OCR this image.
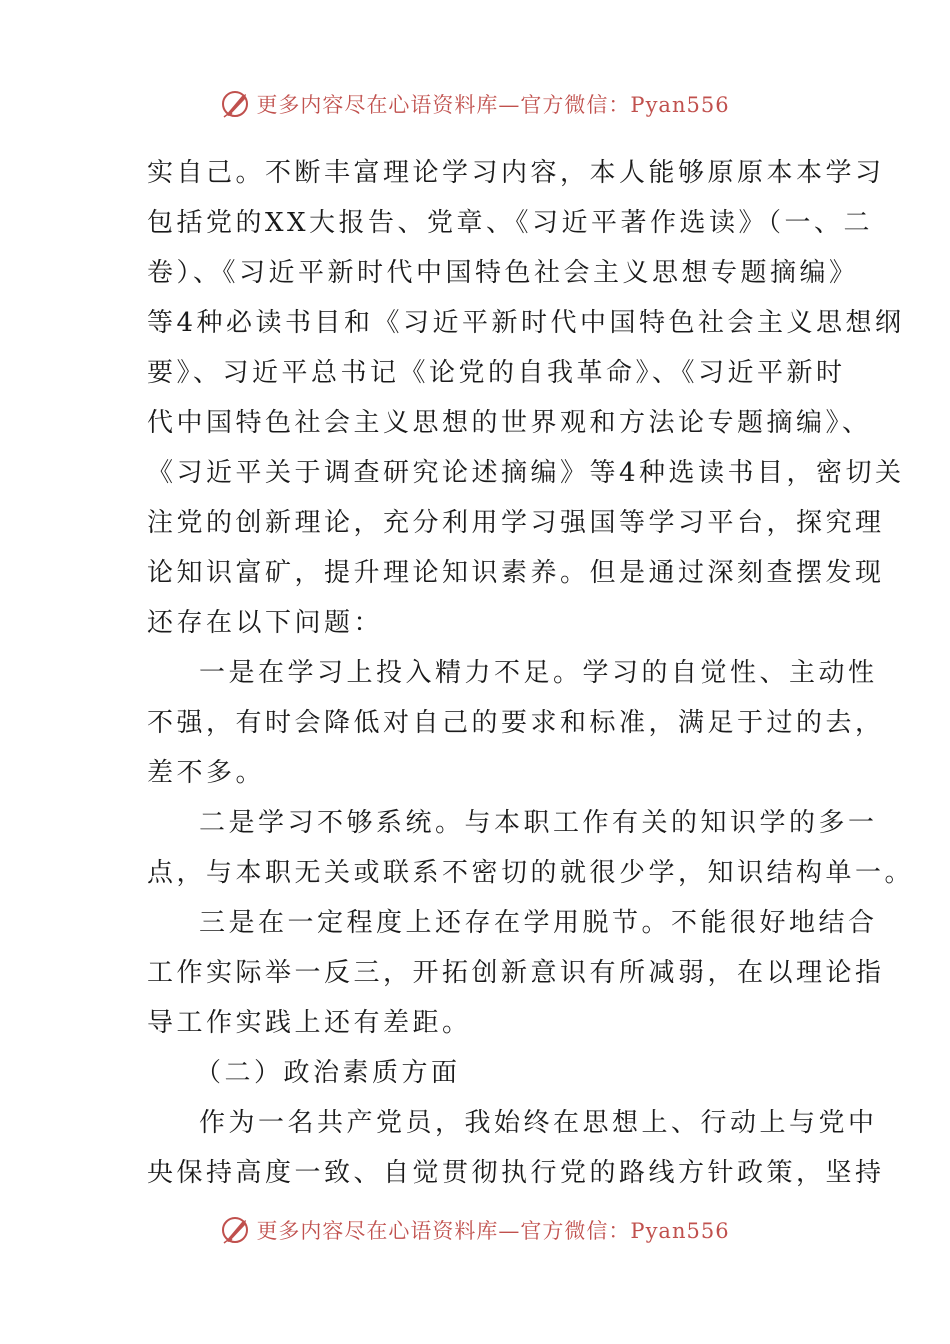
更多内容尽在心语资料库—官方微信：Pyan556
实自己。不断丰富理论学习内容，本人能够原原本本学习
包括党的XX大报告、党章、《习近平著作选读》（一、二
卷）、《习近平新时代中国特色社会主义思想专题摘编》
等4种必读书目和《习近平新时代中国特色社会主义思想纲
要》、习近平总书记《论党的自我革命》、《习近平新时
代中国特色社会主义思想的世界观和方法论专题摘编》、
《习近平关于调查研究论述摘编》等4种选读书目，密切关
注党的创新理论，充分利用学习强国等学习平台，探究理
论知识富矿，提升理论知识素养。但是通过深刻查摆发现
还存在以下问题：
一是在学习上投入精力不足。学习的自觉性、主动性
不强，有时会降低对自己的要求和标准，满足于过的去，
差不多。
二是学习不够系统。与本职工作有关的知识学的多一
点，与本职无关或联系不密切的就很少学，知识结构单一。
三是在一定程度上还存在学用脱节。不能很好地结合
工作实际举一反三，开拓创新意识有所减弱，在以理论指
导工作实践上还有差距。
（二）政治素质方面
作为一名共产党员，我始终在思想上、行动上与党中
央保持高度一致、自觉贯彻执行党的路线方针政策，坚持
更多内容尽在心语资料库—官方微信：Pyan556
